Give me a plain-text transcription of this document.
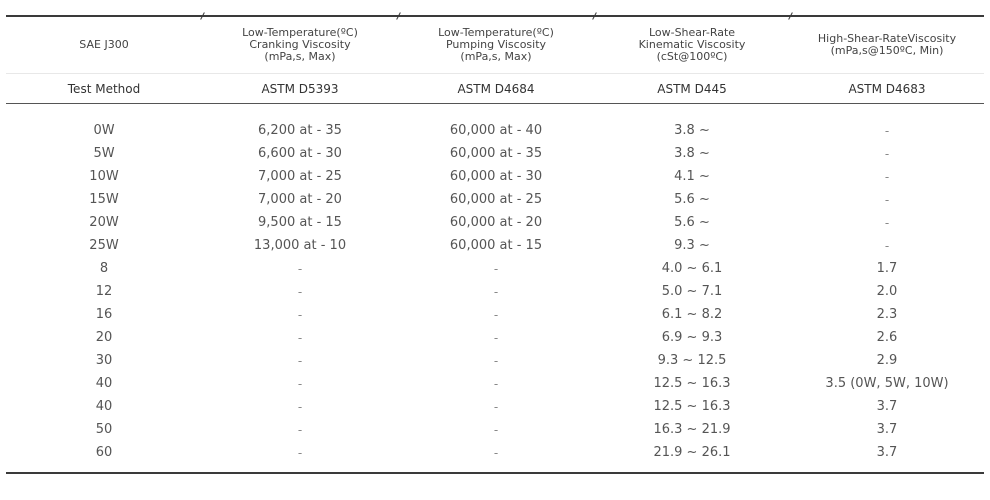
SAE J300	Low-Temperature(ºC)
Cranking Viscosity
(mPa,s, Max)	Low-Temperature(ºC)
Pumping Viscosity
(mPa,s, Max)	Low-Shear-Rate
Kinematic Viscosity
(cSt@100ºC)	High-Shear-RateViscosity
(mPa,s@150ºC, Min)

Test Method	ASTM D5393	ASTM D4684	ASTM D445	ASTM D4683

0W	6,200 at - 35	60,000 at - 40	3.8 ~	-
5W	6,600 at - 30	60,000 at - 35	3.8 ~	-
10W	7,000 at - 25	60,000 at - 30	4.1 ~	-
15W	7,000 at - 20	60,000 at - 25	5.6 ~	-
20W	9,500 at - 15	60,000 at - 20	5.6 ~	-
25W	13,000 at - 10	60,000 at - 15	9.3 ~	-
8	-	-	4.0 ~ 6.1	1.7
12	-	-	5.0 ~ 7.1	2.0
16	-	-	6.1 ~ 8.2	2.3
20	-	-	6.9 ~ 9.3	2.6
30	-	-	9.3 ~ 12.5	2.9
40	-	-	12.5 ~ 16.3	3.5 (0W, 5W, 10W)
40	-	-	12.5 ~ 16.3	3.7
50	-	-	16.3 ~ 21.9	3.7
60	-	-	21.9 ~ 26.1	3.7
